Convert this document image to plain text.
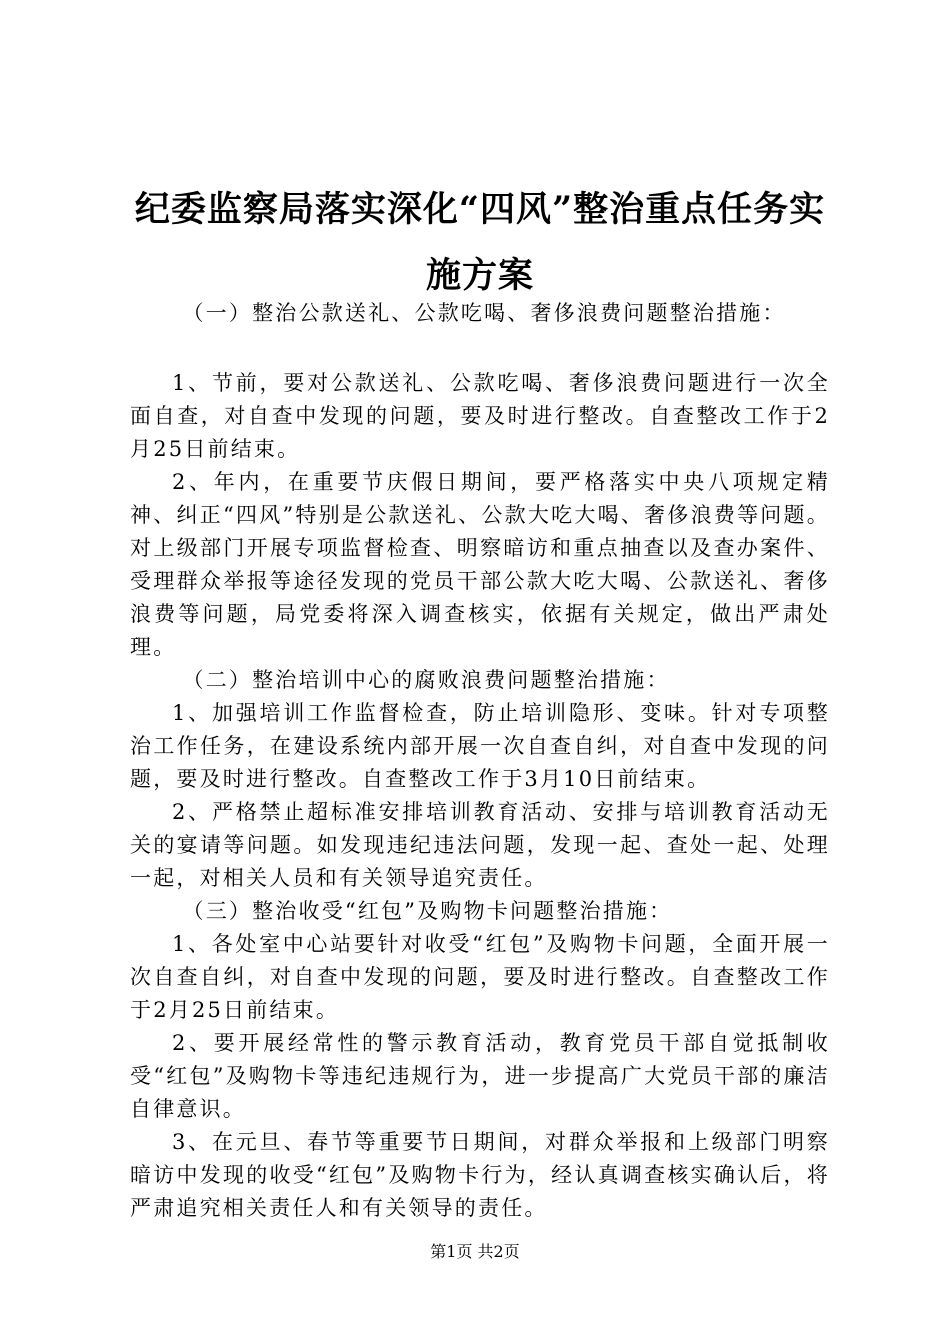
纪委监察局落实深化“四风”整治重点任务实
施方案

（一）整治公款送礼、公款吃喝、奢侈浪费问题整治措施：

1、节前，要对公款送礼、公款吃喝、奢侈浪费问题进行一次全面自查，对自查中发现的问题，要及时进行整改。自查整改工作于2月25日前结束。

2、年内，在重要节庆假日期间，要严格落实中央八项规定精神、纠正“四风”特别是公款送礼、公款大吃大喝、奢侈浪费等问题。对上级部门开展专项监督检查、明察暗访和重点抽查以及查办案件、受理群众举报等途径发现的党员干部公款大吃大喝、公款送礼、奢侈浪费等问题，局党委将深入调查核实，依据有关规定，做出严肃处理。

（二）整治培训中心的腐败浪费问题整治措施：

1、加强培训工作监督检查，防止培训隐形、变味。针对专项整治工作任务，在建设系统内部开展一次自查自纠，对自查中发现的问题，要及时进行整改。自查整改工作于3月10日前结束。

2、严格禁止超标准安排培训教育活动、安排与培训教育活动无关的宴请等问题。如发现违纪违法问题，发现一起、查处一起、处理一起，对相关人员和有关领导追究责任。

（三）整治收受“红包”及购物卡问题整治措施：

1、各处室中心站要针对收受“红包”及购物卡问题，全面开展一次自查自纠，对自查中发现的问题，要及时进行整改。自查整改工作于2月25日前结束。

2、要开展经常性的警示教育活动，教育党员干部自觉抵制收受“红包”及购物卡等违纪违规行为，进一步提高广大党员干部的廉洁自律意识。

3、在元旦、春节等重要节日期间，对群众举报和上级部门明察暗访中发现的收受“红包”及购物卡行为，经认真调查核实确认后，将严肃追究相关责任人和有关领导的责任。

第1页 共2页
